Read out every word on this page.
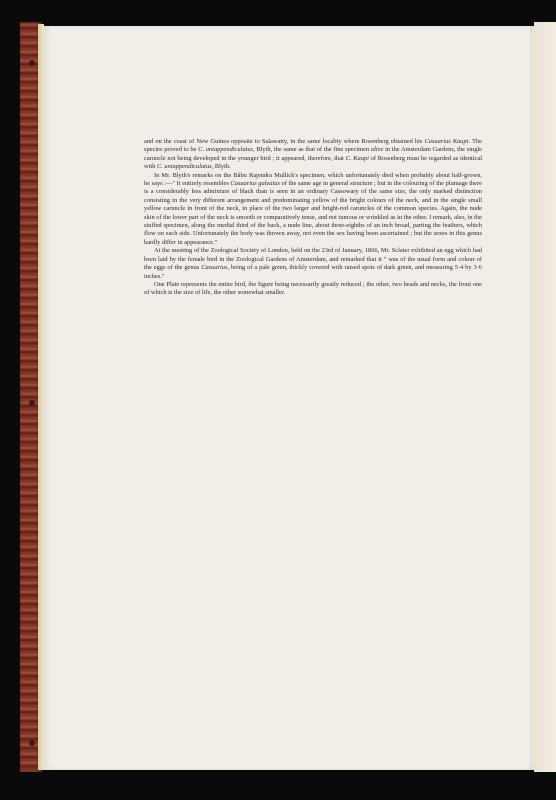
and on the coast of New Guinea opposite to Salawatty, in the same locality where Rosenberg obtained his Casuarius Kaupi. The species proved to be C. uniappendiculatus, Blyth, the same as that of the fine specimen alive in the Amsterdam Gardens, the single caruncle not being developed in the younger bird ; it appeared, therefore, that C. Kaupi of Rosenberg must be regarded as identical with C. uniappendiculatus, Blyth.

In Mr. Blyth's remarks on the Bâbu Rajendra Mullick's specimen, which unfortunately died when probably about half-grown, he says :—" It entirely resembles Casuarius galeatus of the same age in general structure ; but in the colouring of the plumage there is a considerably less admixture of black than is seen in an ordinary Cassowary of the same size, the only marked distinction consisting in the very different arrangement and predominating yellow of the bright colours of the neck, and in the single small yellow caruncle in front of the neck, in place of the two larger and bright-red caruncles of the common species. Again, the nude skin of the lower part of the neck is smooth or comparatively tense, and not tumous or wrinkled as in the other. I remark, also, in the stuffed specimen, along the medial third of the back, a nude line, about three-eighths of an inch broad, parting the feathers, which flow on each side. Unfortunately the body was thrown away, not even the sex having been ascertained ; but the sexes in this genus hardly differ in appearance."

At the meeting of the Zoological Society of London, held on the 23rd of January, 1866, Mr. Sclater exhibited an egg which had been laid by the female bird in the Zoological Gardens of Amsterdam, and remarked that it " was of the usual form and colour of the eggs of the genus Casuarius, being of a pale green, thickly covered with raised spots of dark green, and measuring 5·4 by 3·6 inches."

One Plate represents the entire bird, the figure being necessarily greatly reduced ; the other, two heads and necks, the front one of which is the size of life, the other somewhat smaller.
